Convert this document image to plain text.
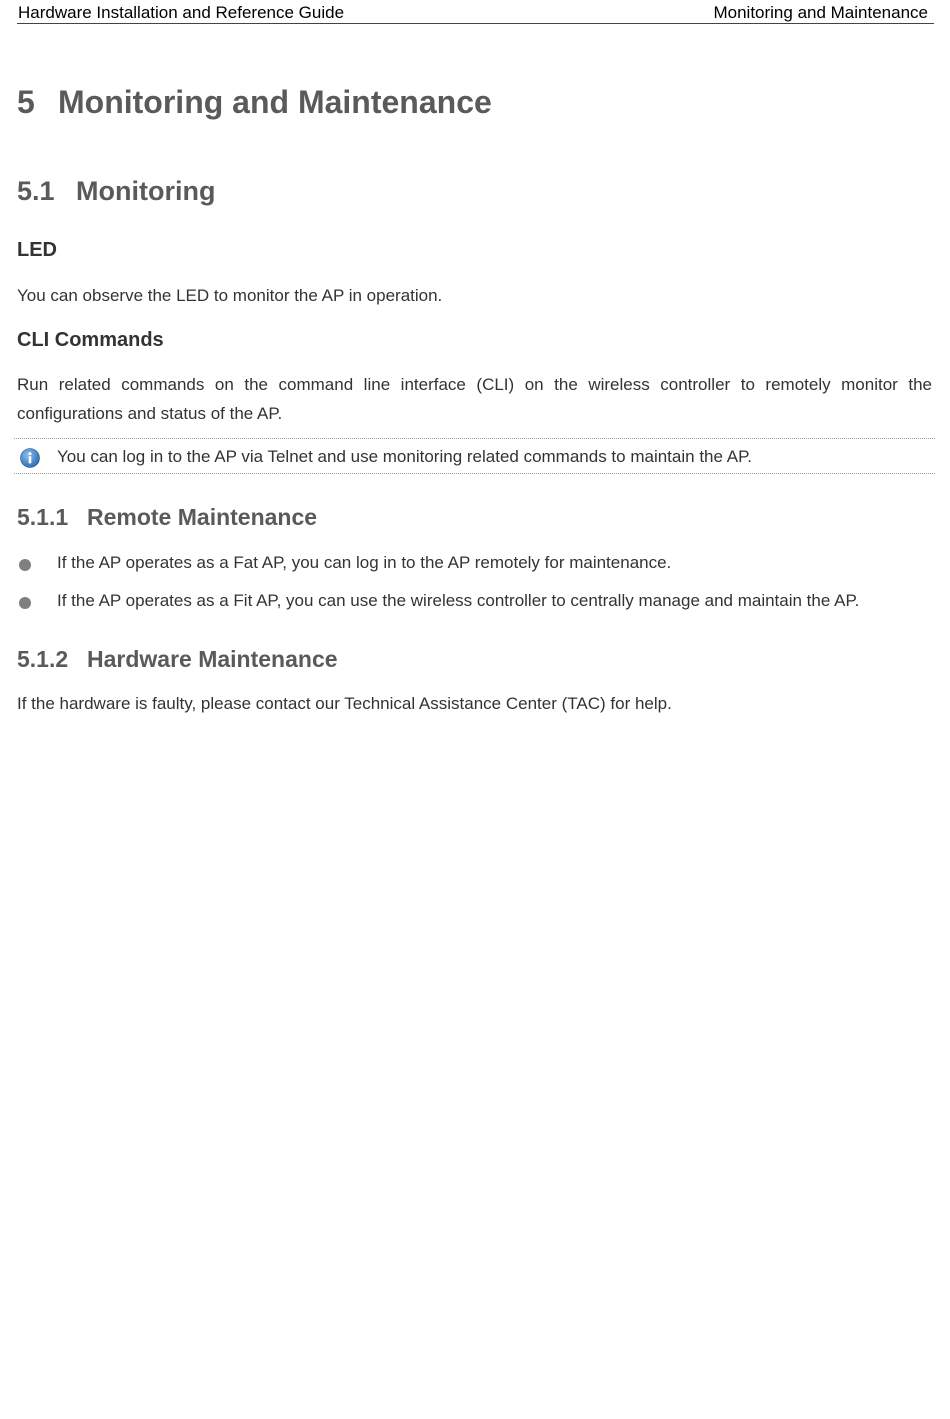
Hardware Installation and Reference Guide	Monitoring and Maintenance
5 Monitoring and Maintenance
5.1 Monitoring
LED
You can observe the LED to monitor the AP in operation.
CLI Commands
Run related commands on the command line interface (CLI) on the wireless controller to remotely monitor the configurations and status of the AP.
You can log in to the AP via Telnet and use monitoring related commands to maintain the AP.
5.1.1 Remote Maintenance
If the AP operates as a Fat AP, you can log in to the AP remotely for maintenance.
If the AP operates as a Fit AP, you can use the wireless controller to centrally manage and maintain the AP.
5.1.2 Hardware Maintenance
If the hardware is faulty, please contact our Technical Assistance Center (TAC) for help.
